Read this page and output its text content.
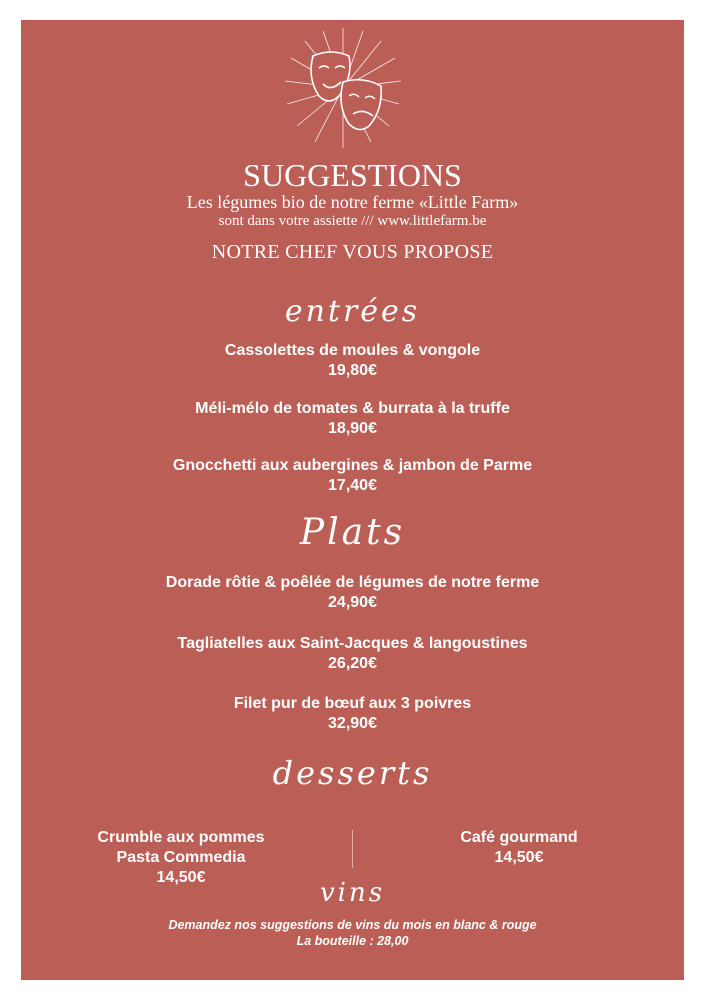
SUGGESTIONS
Les légumes bio de notre ferme «Little Farm»
sont dans votre assiette /// www.littlefarm.be
NOTRE CHEF VOUS PROPOSE
entrées
Cassolettes de moules & vongole
19,80€
Méli-mélo de tomates & burrata à la truffe
18,90€
Gnocchetti aux aubergines & jambon de Parme
17,40€
Plats
Dorade rôtie & poêlée de légumes de notre ferme
24,90€
Tagliatelles aux Saint-Jacques & langoustines
26,20€
Filet pur de bœuf aux 3 poivres
32,90€
desserts
Crumble aux pommes
Pasta Commedia
14,50€
Café gourmand
14,50€
vins
Demandez nos suggestions de vins du mois en blanc & rouge
La bouteille : 28,00
